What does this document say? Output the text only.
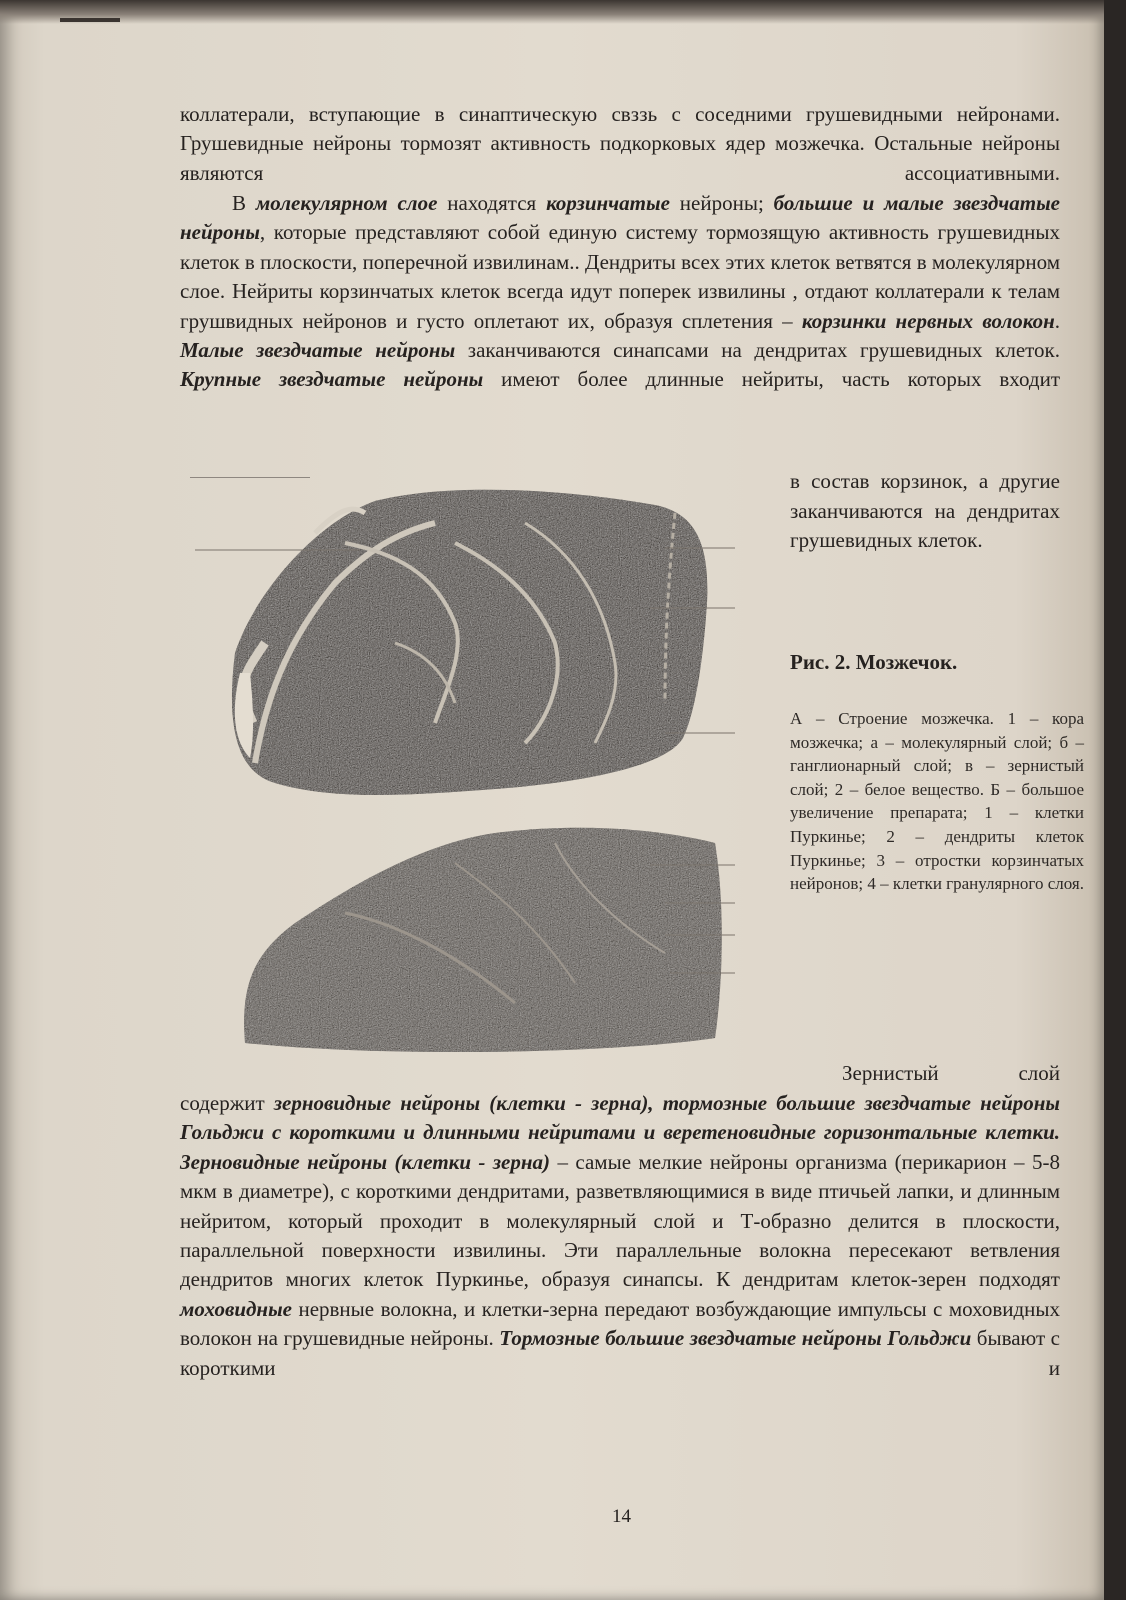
коллатерали, вступающие в синаптическую свззь с соседними грушевидными нейронами. Грушевидные нейроны тормозят активность подкорковых ядер мозжечка. Остальные нейроны являются ассоциативными.

В молекулярном слое находятся корзинчатые нейроны; большие и малые звездчатые нейроны, которые представляют собой единую систему тормозящую активность грушевидных клеток в плоскости, поперечной извилинам.. Дендриты всех этих клеток ветвятся в молекулярном слое. Нейриты корзинчатых клеток всегда идут поперек извилины , отдают коллатерали к телам грушвидных нейронов и густо оплетают их, образуя сплетения – корзинки нервных волокон. Малые звездчатые нейроны заканчиваются синапсами на дендритах грушевидных клеток. Крупные звездчатые нейроны имеют более длинные нейриты, часть которых входит

в состав корзинок, а другие заканчиваются на дендритах грушевидных клеток.

Рис. 2. Мозжечок.

А – Строение мозжечка. 1 – кора мозжечка; а – молекулярный слой; б – ганглионарный слой; в – зернистый слой; 2 – белое вещество. Б – большое увеличение препарата; 1 – клетки Пуркинье; 2 – дендриты клеток Пуркинье; 3 – отростки корзинчатых нейронов; 4 – клетки гранулярного слоя.

Зернистый слой

содержит зерновидные нейроны (клетки - зерна), тормозные большие звездчатые нейроны Гольджи с короткими и длинными нейритами и веретеновидные горизонтальные клетки. Зерновидные нейроны (клетки - зерна) – самые мелкие нейроны организма (перикарион – 5-8 мкм в диаметре), с короткими дендритами, разветвляющимися в виде птичьей лапки, и длинным нейритом, который проходит в молекулярный слой и Т-образно делится в плоскости, параллельной поверхности извилины. Эти параллельные волокна пересекают ветвления дендритов многих клеток Пуркинье, образуя синапсы. К дендритам клеток-зерен подходят моховидные нервные волокна, и клетки-зерна передают возбуждающие импульсы с моховидных волокон на грушевидные нейроны. Тормозные большие звездчатые нейроны Гольджи бывают с короткими и

14
